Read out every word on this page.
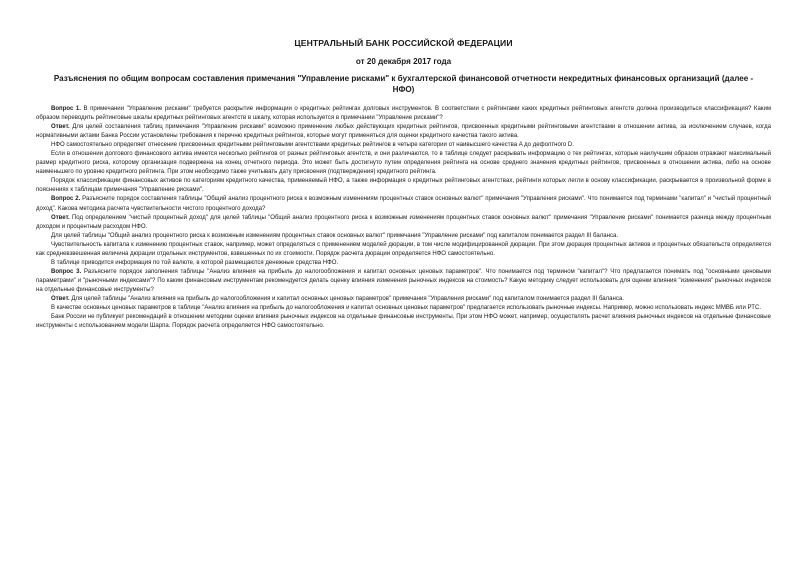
ЦЕНТРАЛЬНЫЙ БАНК РОССИЙСКОЙ ФЕДЕРАЦИИ
от 20 декабря 2017 года
Разъяснения по общим вопросам составления примечания "Управление рисками" к бухгалтерской финансовой отчетности некредитных финансовых организаций (далее - НФО)

Вопрос 1. В примечании "Управление рисками" требуется раскрытие информации о кредитных рейтингах долговых инструментов. В соответствии с рейтингами каких кредитных рейтинговых агентств должна производиться классификация? Каким образом переводить рейтинговые шкалы кредитных рейтинговых агентств в шкалу, которая используется в примечании "Управление рисками"?

Ответ. Для целей составления таблиц примечания "Управление рисками" возможно применение любых действующих кредитных рейтингов, присвоенных кредитными рейтинговыми агентствами в отношении актива, за исключением случаев, когда нормативными актами Банка России установлены требования к перечню кредитных рейтингов, которые могут применяться для оценки кредитного качества такого актива.

НФО самостоятельно определяет отнесение присвоенных кредитными рейтинговыми агентствами кредитных рейтингов в четыре категории от наивысшего качества A до дефолтного D.

Если в отношении долгового финансового актива имеется несколько рейтингов от разных рейтинговых агентств, и они различаются, то в таблице следует раскрывать информацию о тех рейтингах, которые наилучшим образом отражают максимальный размер кредитного риска, которому организация подвержена на конец отчетного периода. Это может быть достигнуто путем определения рейтинга на основе среднего значения кредитных рейтингов, присвоенных в отношении актива, либо на основе наименьшего по уровню кредитного рейтинга. При этом необходимо также учитывать дату присвоения (подтверждения) кредитного рейтинга.

Порядок классификации финансовых активов по категориям кредитного качества, применяемый НФО, а также информация о кредитных рейтинговых агентствах, рейтинги которых легли в основу классификации, раскрывается в произвольной форме в пояснениях к таблицам примечания "Управление рисками".

Вопрос 2. Разъясните порядок составления таблицы "Общий анализ процентного риска к возможным изменениям процентных ставок основных валют" примечания "Управления рисками". Что понимается под терминами "капитал" и "чистый процентный доход". Какова методика расчета чувствительности чистого процентного дохода?

Ответ. Под определением "чистый процентный доход" для целей таблицы "Общий анализ процентного риска к возможным изменениям процентных ставок основных валют" примечания "Управление рисками" понимается разница между процентным доходом и процентным расходом НФО.

Для целей таблицы "Общий анализ процентного риска к возможным изменениям процентных ставок основных валют" примечания "Управление рисками" под капиталом понимается раздел III баланса.

Чувствительность капитала к изменению процентных ставок, например, может определяться с применением моделей дюрации, в том числе модифицированной дюрации. При этом дюрация процентных активов и процентных обязательств определяется как средневзвешенная величина дюрации отдельных инструментов, взвешенных по их стоимости. Порядок расчета дюрации определяется НФО самостоятельно.

В таблице приводится информация по той валюте, в которой размещаются денежные средства НФО.

Вопрос 3. Разъясните порядок заполнения таблицы "Анализ влияния на прибыль до налогообложения и капитал основных ценовых параметров". Что понимается под термином "капитал"? Что предлагается понимать под "основными ценовыми параметрами" и "рыночными индексами"? По каким финансовым инструментам рекомендуется делать оценку влияния изменения рыночных индексов на стоимость? Какую методику следует использовать для оценки влияния "изменения" рыночных индексов на отдельные финансовые инструменты?

Ответ. Для целей таблицы "Анализ влияния на прибыль до налогообложения и капитал основных ценовых параметров" примечания "Управления рисками" под капиталом понимается раздел III баланса.

В качестве основных ценовых параметров в таблице "Анализ влияния на прибыль до налогообложения и капитал основных ценовых параметров" предлагается использовать рыночные индексы. Например, можно использовать индекс ММВБ или РТС.

Банк России не публикует рекомендаций в отношении методики оценки влияния рыночных индексов на отдельные финансовые инструменты. При этом НФО может, например, осуществлять расчет влияния рыночных индексов на отдельные финансовые инструменты с использованием модели Шарпа. Порядок расчета определяется НФО самостоятельно.
